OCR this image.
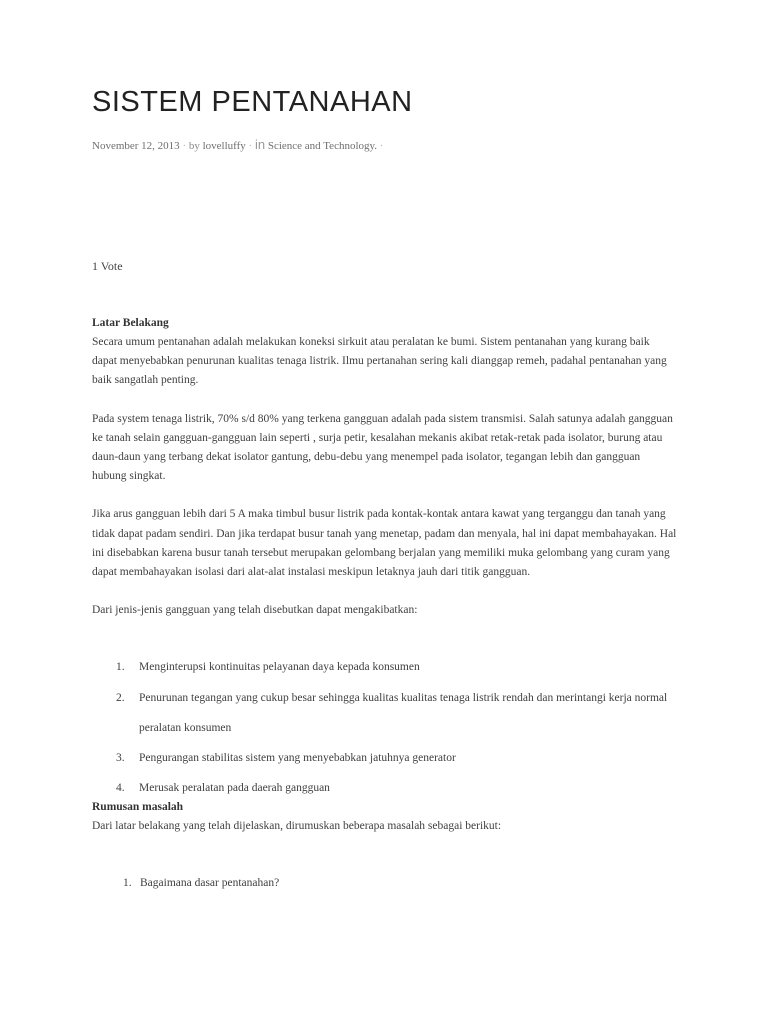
SISTEM PENTANAHAN
November 12, 2013 · by lovelluffy · in Science and Technology. ·
1 Vote
Latar Belakang

Secara umum pentanahan adalah melakukan koneksi sirkuit atau peralatan ke bumi. Sistem pentanahan yang kurang baik dapat menyebabkan penurunan kualitas tenaga listrik. Ilmu pertanahan sering kali dianggap remeh, padahal pentanahan yang baik sangatlah penting.

Pada system tenaga listrik, 70% s/d 80% yang terkena gangguan adalah pada sistem transmisi. Salah satunya adalah gangguan ke tanah selain gangguan-gangguan lain seperti , surja petir, kesalahan mekanis akibat retak-retak pada isolator, burung atau daun-daun yang terbang dekat isolator gantung, debu-debu yang menempel pada isolator, tegangan lebih dan gangguan hubung singkat.

Jika arus gangguan lebih dari 5 A maka timbul busur listrik pada kontak-kontak antara kawat yang terganggu dan tanah yang tidak dapat padam sendiri. Dan jika terdapat busur tanah yang menetap, padam dan menyala, hal ini dapat membahayakan. Hal ini disebabkan karena busur tanah tersebut merupakan gelombang berjalan yang memiliki muka gelombang yang curam yang dapat membahayakan isolasi dari alat-alat instalasi meskipun letaknya jauh dari titik gangguan.

Dari jenis-jenis gangguan yang telah disebutkan dapat mengakibatkan:

1. Menginterupsi kontinuitas pelayanan daya kepada konsumen
2. Penurunan tegangan yang cukup besar sehingga kualitas kualitas tenaga listrik rendah dan merintangi kerja normal
peralatan konsumen
3. Pengurangan stabilitas sistem yang menyebabkan jatuhnya generator
4. Merusak peralatan pada daerah gangguan
Rumusan masalah

Dari latar belakang yang telah dijelaskan, dirumuskan beberapa masalah sebagai berikut:

1. Bagaimana dasar pentanahan?
